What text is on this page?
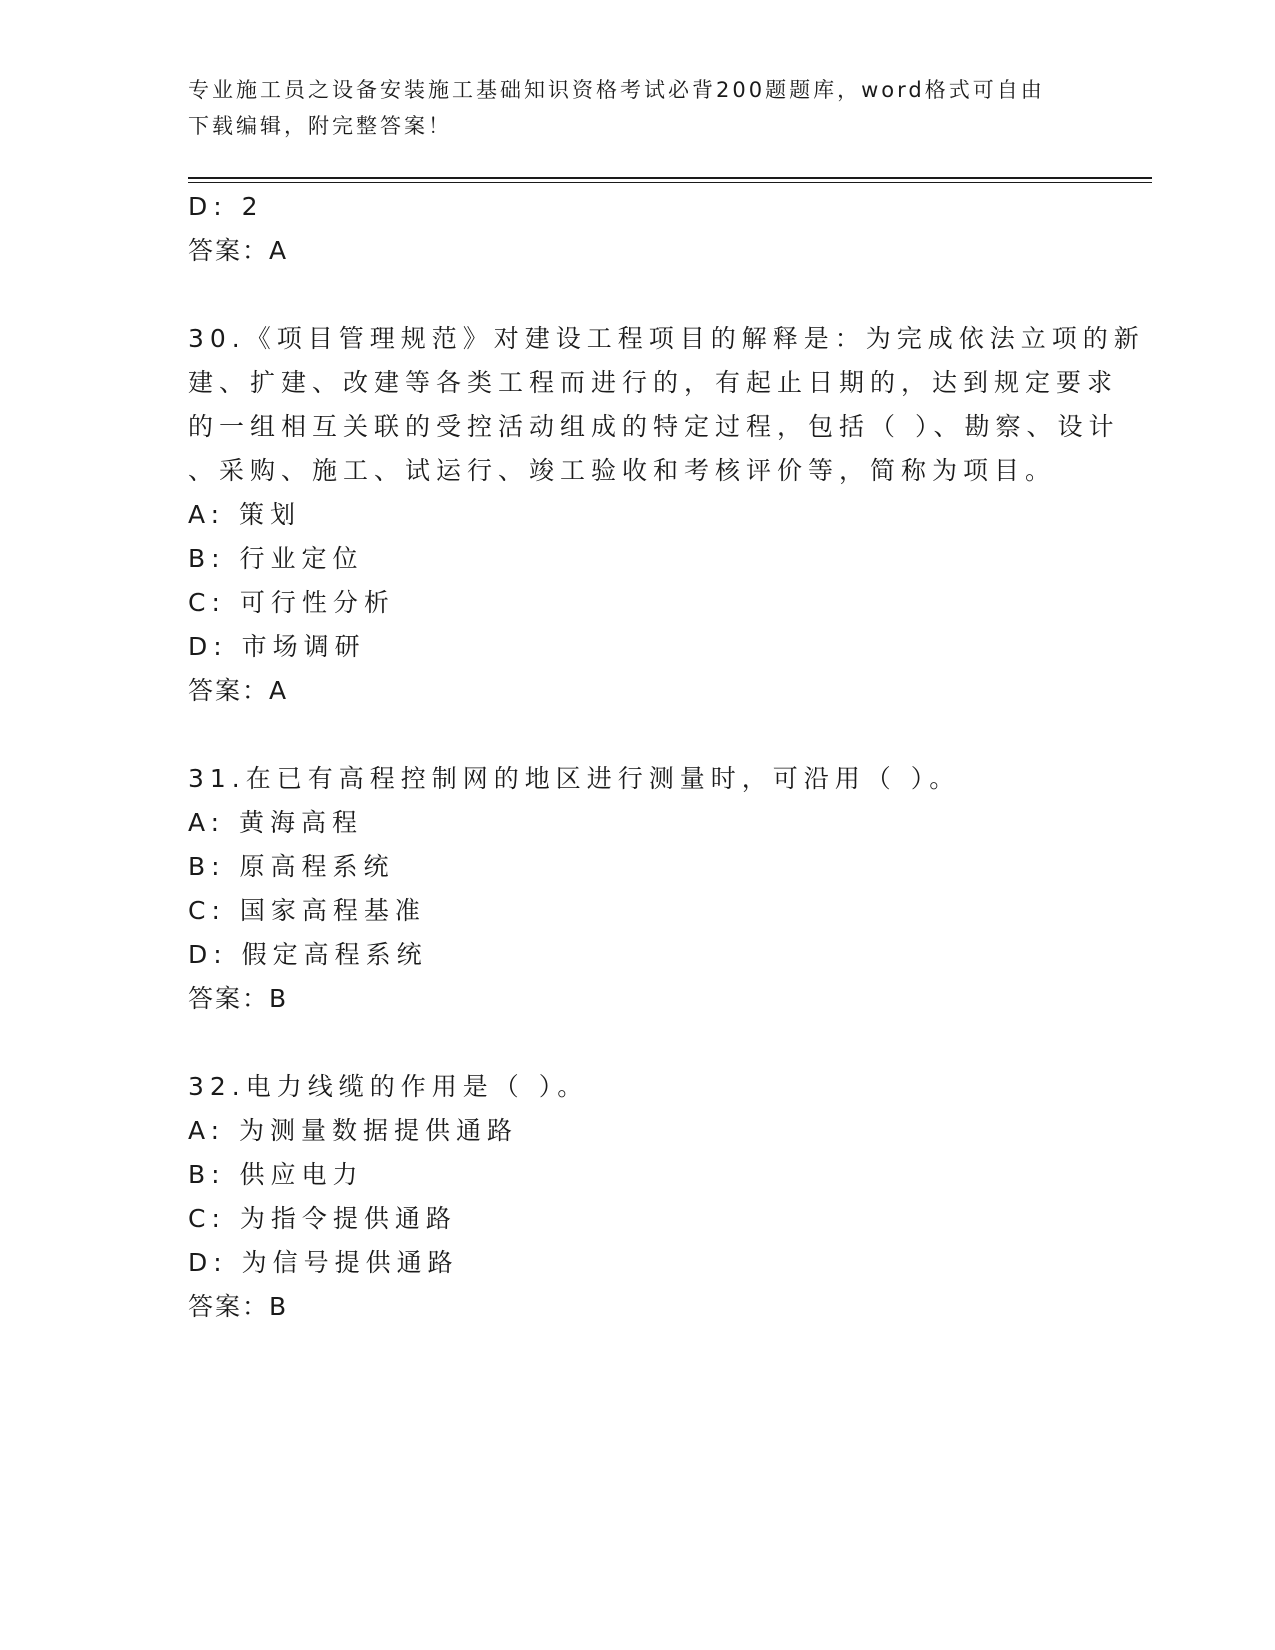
专业施工员之设备安装施工基础知识资格考试必背200题题库，word格式可自由
下载编辑，附完整答案！
D: 2
答案：A
30.《项目管理规范》对建设工程项目的解释是：为完成依法立项的新
建、扩建、改建等各类工程而进行的，有起止日期的，达到规定要求
的一组相互关联的受控活动组成的特定过程，包括（ ）、勘察、设计
、采购、施工、试运行、竣工验收和考核评价等，简称为项目。
A: 策划
B: 行业定位
C: 可行性分析
D: 市场调研
答案：A
31.在已有高程控制网的地区进行测量时，可沿用（ ）。
A: 黄海高程
B: 原高程系统
C: 国家高程基准
D: 假定高程系统
答案：B
32.电力线缆的作用是（ ）。
A: 为测量数据提供通路
B: 供应电力
C: 为指令提供通路
D: 为信号提供通路
答案：B
